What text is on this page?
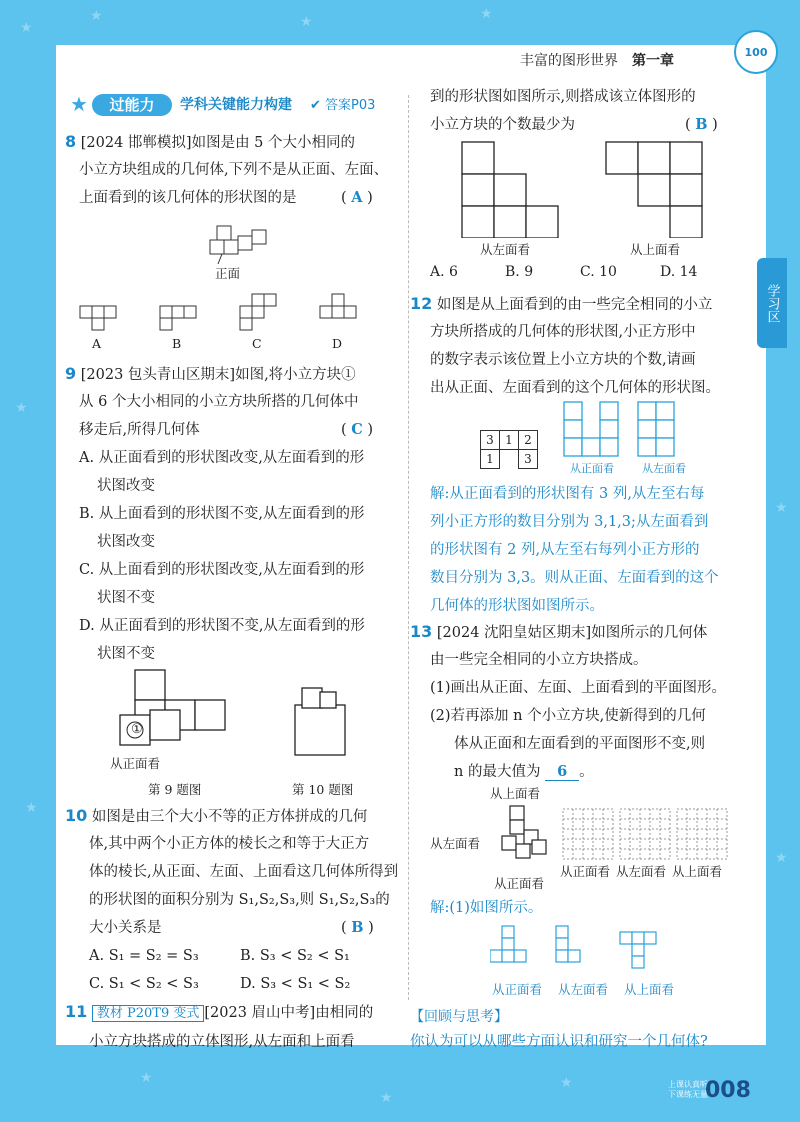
★
★	★	★
★
★
★
★
★
★
★
丰富的图形世界 第一章
100
学习区
★	过能力	学科关键能力构建 ✔ 答案P03
8 [2024 邯郸模拟]如图是由 5 个大小相同的
小立方块组成的几何体,下列不是从正面、左面、
上面看到的该几何体的形状图的是	( A )
正面
A	B	C	D
9 [2023 包头青山区期末]如图,将小立方块①
从 6 个大小相同的小立方块所搭的几何体中
移走后,所得几何体	( C )
A. 从正面看到的形状图改变,从左面看到的形
状图改变
B. 从上面看到的形状图不变,从左面看到的形
状图改变
C. 从上面看到的形状图改变,从左面看到的形
状图不变
D. 从正面看到的形状图不变,从左面看到的形
状图不变
①
从正面看
第 9 题图	第 10 题图
10 如图是由三个大小不等的正方体拼成的几何
体,其中两个小正方体的棱长之和等于大正方
体的棱长,从正面、左面、上面看这几何体所得到
的形状图的面积分别为 S₁,S₂,S₃,则 S₁,S₂,S₃的
大小关系是	( B )
A. S₁ = S₂ = S₃	B. S₃ < S₂ < S₁
C. S₁ < S₂ < S₃	D. S₃ < S₁ < S₂
11 教材 P20T9 变式 [2023 眉山中考]由相同的
小立方块搭成的立体图形,从左面和上面看
到的形状图如图所示,则搭成该立体图形的
小立方块的个数最少为	( B )
从左面看	从上面看
A. 6	B. 9	C. 10	D. 14
12 如图是从上面看到的由一些完全相同的小立
方块所搭成的几何体的形状图,小正方形中
的数字表示该位置上小立方块的个数,请画
出从正面、左面看到的这个几何体的形状图。
3	1	2
1		3
从正面看	从左面看
解:从正面看到的形状图有 3 列,从左至右每
列小正方形的数目分别为 3,1,3;从左面看到
的形状图有 2 列,从左至右每列小正方形的
数目分别为 3,3。则从正面、左面看到的这个
几何体的形状图如图所示。
13 [2024 沈阳皇姑区期末]如图所示的几何体
由一些完全相同的小立方块搭成。
(1)画出从正面、左面、上面看到的平面图形。
(2)若再添加 n 个小立方块,使新得到的几何
体从正面和左面看到的平面图形不变,则
n 的最大值为 6 。
从上面看
从左面看
从正面看
从正面看 从左面看 从上面看
解:(1)如图所示。
从正面看 从左面看 从上面看
【回顾与思考】
你认为可以从哪些方面认识和研究一个几何体?
上课认真听
下课练无量
008
